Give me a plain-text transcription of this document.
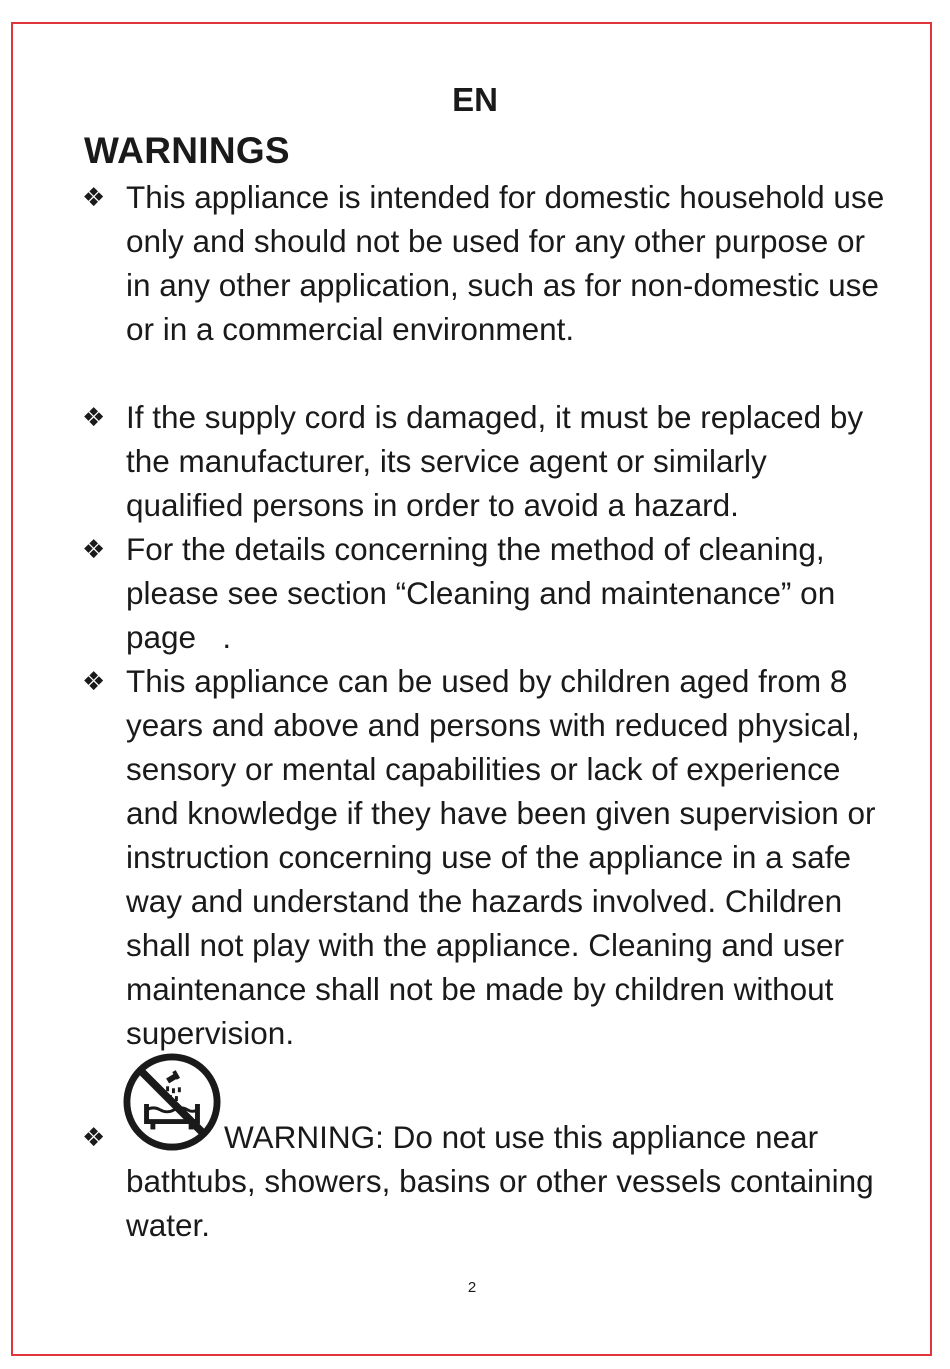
EN
WARNINGS
❖ This appliance is intended for domestic household use only and should not be used for any other purpose or in any other application, such as for non-domestic use or in a commercial environment.
❖ If the supply cord is damaged, it must be replaced by the manufacturer, its service agent or similarly qualified persons in order to avoid a hazard.
❖ For the details concerning the method of cleaning, please see section “Cleaning and maintenance” on page   .
❖ This appliance can be used by children aged from 8 years and above and persons with reduced physical, sensory or mental capabilities or lack of experience and knowledge if they have been given supervision or instruction concerning use of the appliance in a safe way and understand the hazards involved. Children shall not play with the appliance. Cleaning and user maintenance shall not be made by children without supervision.
❖	WARNING: Do not use this appliance near
bathtubs, showers, basins or other vessels containing water.
2
